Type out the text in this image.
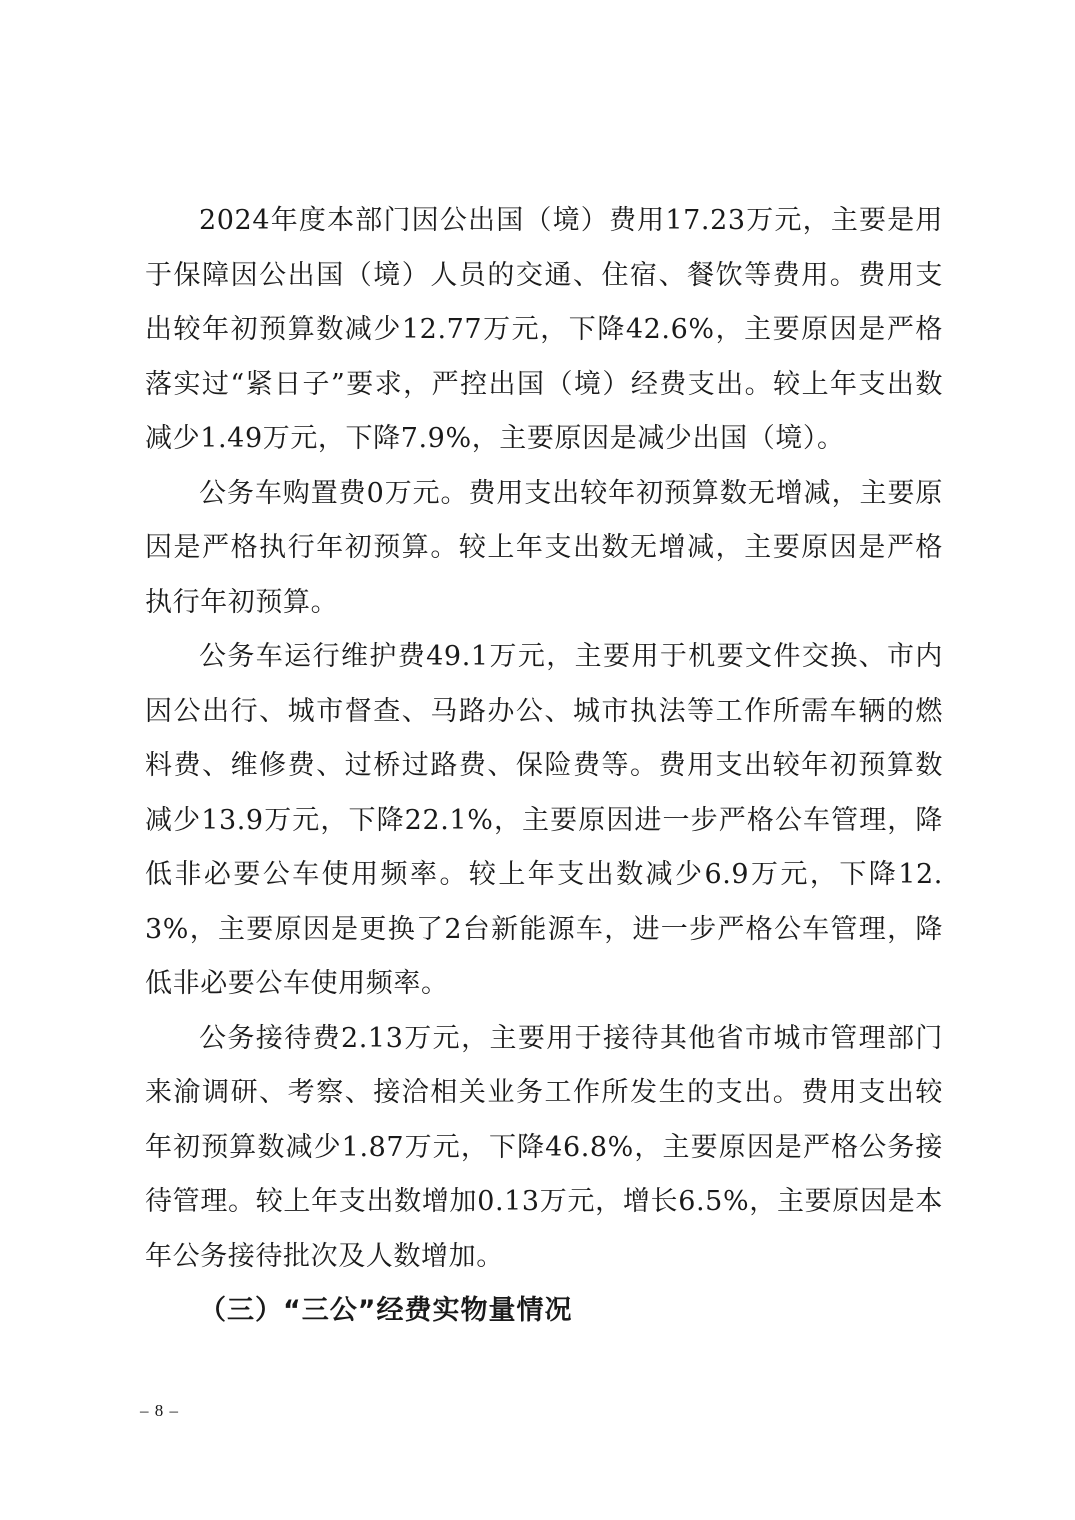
2024年度本部门因公出国（境）费用17.23万元，主要是用于保障因公出国（境）人员的交通、住宿、餐饮等费用。费用支出较年初预算数减少12.77万元，下降42.6%，主要原因是严格落实过“紧日子”要求，严控出国（境）经费支出。较上年支出数减少1.49万元，下降7.9%，主要原因是减少出国（境）。

公务车购置费0万元。费用支出较年初预算数无增减，主要原因是严格执行年初预算。较上年支出数无增减，主要原因是严格执行年初预算。

公务车运行维护费49.1万元，主要用于机要文件交换、市内因公出行、城市督查、马路办公、城市执法等工作所需车辆的燃料费、维修费、过桥过路费、保险费等。费用支出较年初预算数减少13.9万元，下降22.1%，主要原因进一步严格公车管理，降低非必要公车使用频率。较上年支出数减少6.9万元，下降12.3%，主要原因是更换了2台新能源车，进一步严格公车管理，降低非必要公车使用频率。

公务接待费2.13万元，主要用于接待其他省市城市管理部门来渝调研、考察、接洽相关业务工作所发生的支出。费用支出较年初预算数减少1.87万元，下降46.8%，主要原因是严格公务接待管理。较上年支出数增加0.13万元，增长6.5%，主要原因是本年公务接待批次及人数增加。

（三）“三公”经费实物量情况

– 8 –
